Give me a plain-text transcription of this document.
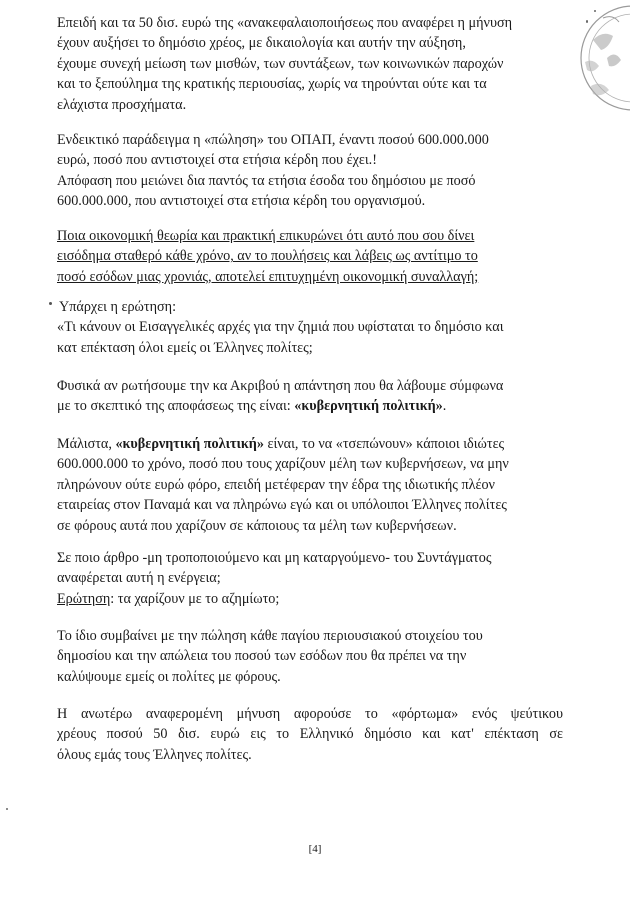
Επειδή και τα 50 δισ. ευρώ της «ανακεφαλαιοποιήσεως που αναφέρει η μήνυση
έχουν αυξήσει το δημόσιο χρέος, με δικαιολογία και αυτήν την αύξηση,
έχουμε συνεχή μείωση των μισθών, των συντάξεων, των κοινωνικών παροχών
και το ξεπούλημα της κρατικής περιουσίας, χωρίς να τηρούνται ούτε και τα
ελάχιστα προσχήματα.
Ενδεικτικό παράδειγμα η «πώληση» του ΟΠΑΠ, έναντι ποσού 600.000.000
ευρώ, ποσό που αντιστοιχεί στα ετήσια κέρδη που έχει.!
Απόφαση που μειώνει δια παντός τα ετήσια έσοδα του δημόσιου με ποσό
600.000.000, που αντιστοιχεί στα ετήσια κέρδη του οργανισμού.
Ποια οικονομική θεωρία και πρακτική επικυρώνει ότι αυτό που σου δίνει
εισόδημα σταθερό κάθε χρόνο, αν το πουλήσεις και λάβεις ως αντίτιμο το
ποσό εσόδων μιας χρονιάς, αποτελεί επιτυχημένη οικονομική συναλλαγή;
Υπάρχει η ερώτηση:
«Τι κάνουν οι Εισαγγελικές αρχές για την ζημιά που υφίσταται το δημόσιο και
κατ επέκταση όλοι εμείς οι Έλληνες πολίτες;
Φυσικά αν ρωτήσουμε την κα Ακριβού η απάντηση που θα λάβουμε σύμφωνα
με το σκεπτικό της αποφάσεως της είναι: «κυβερνητική πολιτική».
Μάλιστα, «κυβερνητική πολιτική» είναι, το να «τσεπώνουν» κάποιοι ιδιώτες
600.000.000 το χρόνο, ποσό που τους χαρίζουν μέλη των κυβερνήσεων, να μην
πληρώνουν ούτε ευρώ φόρο, επειδή μετέφεραν την έδρα της ιδιωτικής πλέον
εταιρείας στον Παναμά και να πληρώνω εγώ και οι υπόλοιποι Έλληνες πολίτες
σε φόρους αυτά που χαρίζουν σε κάποιους τα μέλη των κυβερνήσεων.
Σε ποιο άρθρο -μη τροποποιούμενο και μη καταργούμενο- του Συντάγματος
αναφέρεται αυτή η ενέργεια;
Ερώτηση: τα χαρίζουν με το αζημίωτο;
Το ίδιο συμβαίνει με την πώληση κάθε παγίου περιουσιακού στοιχείου του
δημοσίου και την απώλεια του ποσού των εσόδων που θα πρέπει να την
καλύψουμε εμείς οι πολίτες με φόρους.
Η ανωτέρω αναφερομένη μήνυση αφορούσε το «φόρτωμα» ενός ψεύτικου
χρέους ποσού 50 δισ. ευρώ εις το Ελληνικό δημόσιο και κατ' επέκταση σε
όλους εμάς τους Έλληνες πολίτες.
[4]
